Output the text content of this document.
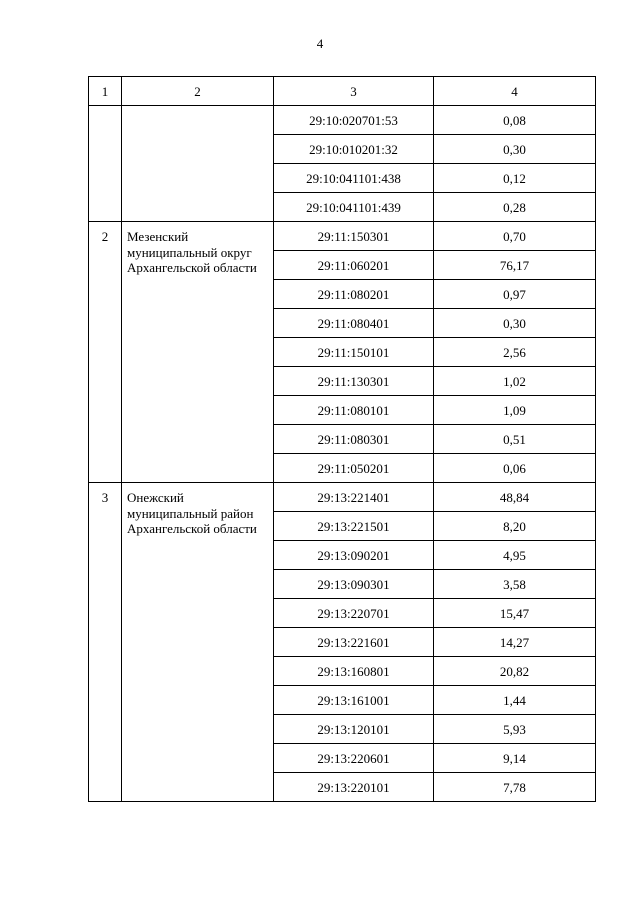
4
1	2	3	4
		29:10:020701:53	0,08
		29:10:010201:32	0,30
		29:10:041101:438	0,12
		29:10:041101:439	0,28
2	Мезенский муниципальный округ Архангельской области	29:11:150301	0,70
		29:11:060201	76,17
		29:11:080201	0,97
		29:11:080401	0,30
		29:11:150101	2,56
		29:11:130301	1,02
		29:11:080101	1,09
		29:11:080301	0,51
		29:11:050201	0,06
3	Онежский муниципальный район Архангельской области	29:13:221401	48,84
		29:13:221501	8,20
		29:13:090201	4,95
		29:13:090301	3,58
		29:13:220701	15,47
		29:13:221601	14,27
		29:13:160801	20,82
		29:13:161001	1,44
		29:13:120101	5,93
		29:13:220601	9,14
		29:13:220101	7,78
